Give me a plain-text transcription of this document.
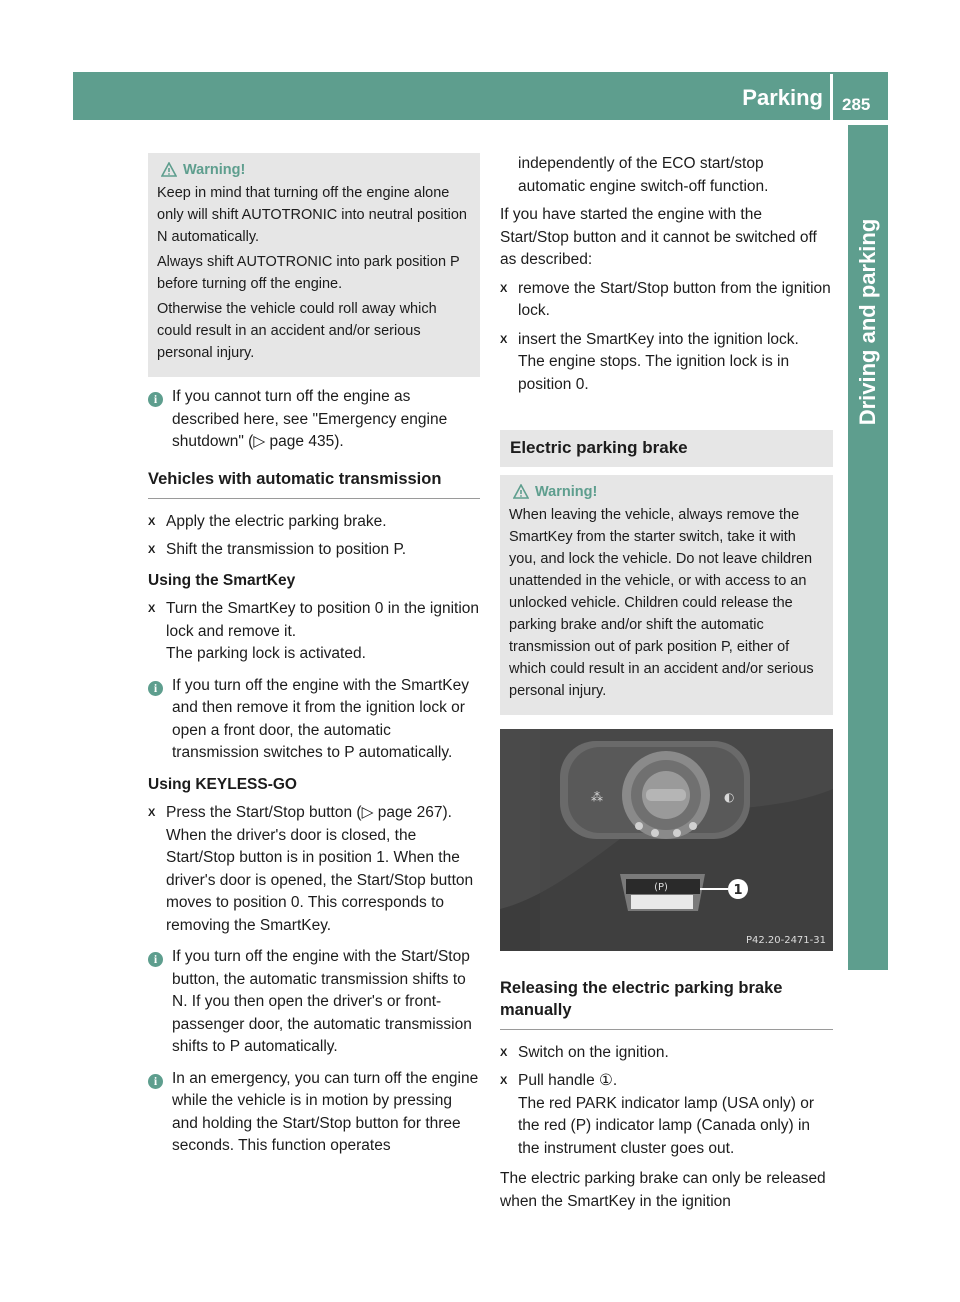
Parking 285
Driving and parking
Warning!

Keep in mind that turning off the engine alone only will shift AUTOTRONIC into neutral position N automatically.

Always shift AUTOTRONIC into park position P before turning off the engine.

Otherwise the vehicle could roll away which could result in an accident and/or serious personal injury.

i If you cannot turn off the engine as described here, see "Emergency engine shutdown" (▷ page 435).

Vehicles with automatic transmission
X Apply the electric parking brake.
X Shift the transmission to position P.
Using the SmartKey
X Turn the SmartKey to position 0 in the ignition lock and remove it.

The parking lock is activated.

i If you turn off the engine with the SmartKey and then remove it from the ignition lock or open a front door, the automatic transmission switches to P automatically.

Using KEYLESS-GO
X Press the Start/Stop button (▷ page 267).

When the driver's door is closed, the Start/Stop button is in position 1. When the driver's door is opened, the Start/Stop button moves to position 0. This corresponds to removing the SmartKey.

i If you turn off the engine with the Start/Stop button, the automatic transmission shifts to N. If you then open the driver's or front-passenger door, the automatic transmission shifts to P automatically.

i In an emergency, you can turn off the engine while the vehicle is in motion by pressing and holding the Start/Stop button for three seconds. This function operates

independently of the ECO start/stop automatic engine switch-off function.

If you have started the engine with the Start/Stop button and it cannot be switched off as described:

X remove the Start/Stop button from the ignition lock.
X insert the SmartKey into the ignition lock.

The engine stops. The ignition lock is in position 0.

Electric parking brake
Warning!

When leaving the vehicle, always remove the SmartKey from the starter switch, take it with you, and lock the vehicle. Do not leave children unattended in the vehicle, or with access to an unlocked vehicle. Children could release the parking brake and/or shift the automatic transmission out of park position P, either of which could result in an accident and/or serious personal injury.

⁂	◐
(P)	1
P42.20-2471-31
Releasing the electric parking brake manually
X Switch on the ignition.
X Pull handle ①.

The red PARK indicator lamp (USA only) or the red (P) indicator lamp (Canada only) in the instrument cluster goes out.

The electric parking brake can only be released when the SmartKey in the ignition
